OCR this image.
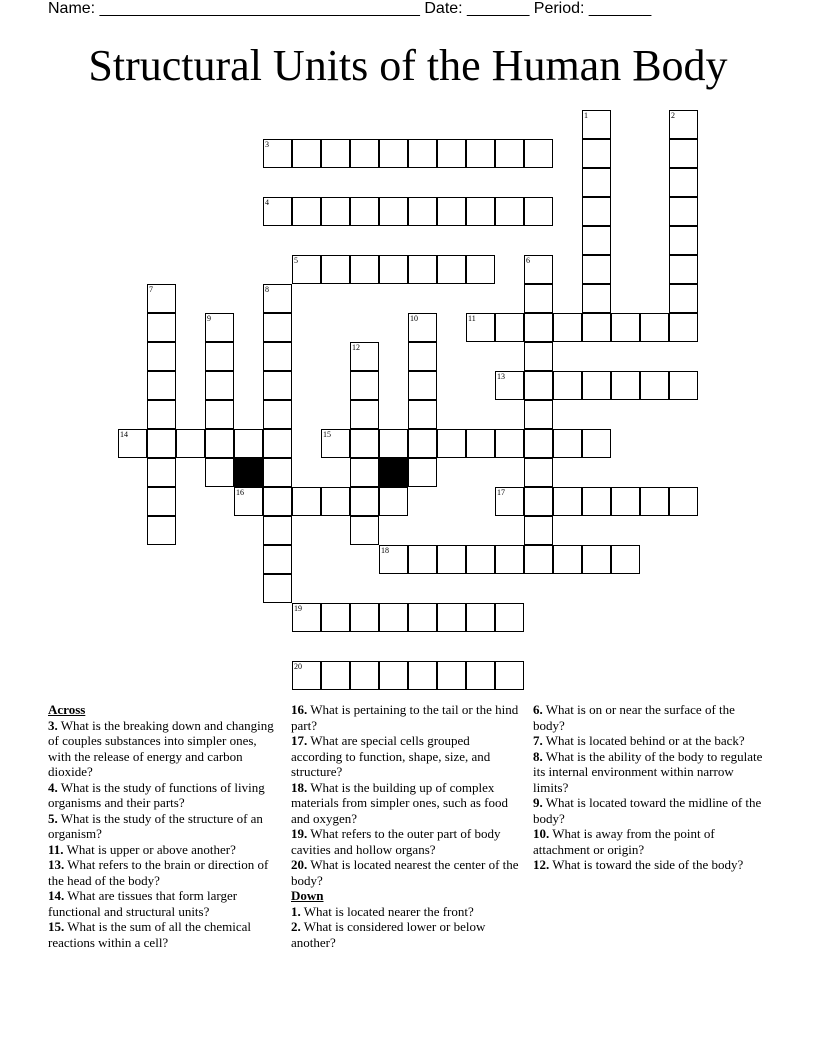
Name: ____________________________________ Date: _______ Period: _______
Structural Units of the Human Body
1	2
3
4
5	6
7	8
9	10	11
12
13
14	15
16	17
18
19
20
Across

3. What is the breaking down and changing of couples substances into simpler ones, with the release of energy and carbon dioxide?

4. What is the study of functions of living organisms and their parts?

5. What is the study of the structure of an organism?

11. What is upper or above another?

13. What refers to the brain or direction of the head of the body?

14. What are tissues that form larger functional and structural units?

15. What is the sum of all the chemical reactions within a cell?

16. What is pertaining to the tail or the hind part?

17. What are special cells grouped according to function, shape, size, and structure?

18. What is the building up of complex materials from simpler ones, such as food and oxygen?

19. What refers to the outer part of body cavities and hollow organs?

20. What is located nearest the center of the body?

Down

1. What is located nearer the front?

2. What is considered lower or below another?

6. What is on or near the surface of the body?

7. What is located behind or at the back?

8. What is the ability of the body to regulate its internal environment within narrow limits?

9. What is located toward the midline of the body?

10. What is away from the point of attachment or origin?

12. What is toward the side of the body?
